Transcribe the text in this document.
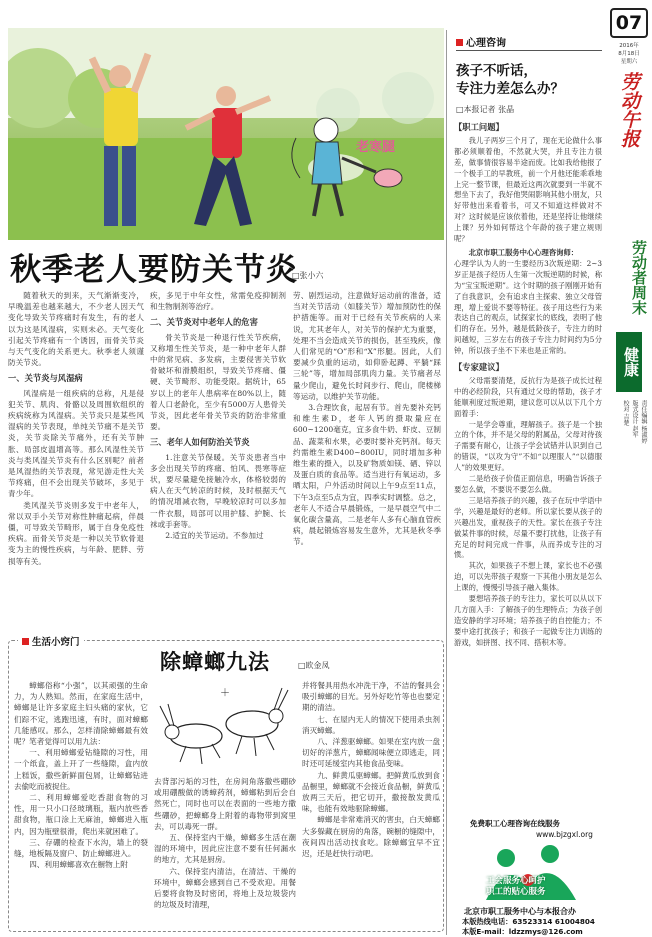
07
2016年
8月18日
星期六
劳动午报
劳动者周末
健康
责任编辑 杨淑婷
版式设计 赵军
校对 吉楚
老寒腿
秋季老人要防关节炎
□张小六

随着秋天的到来，天气渐渐变冷，早晚温差也越来越大，不少老人因天气变化导致关节疼痛时有发生，有的老人以为这是风湿病，实则未必。天气变化引起关节疼痛有一个诱因，而骨关节炎与天气变化的关系更大。秋季老人须谨防关节炎。

一、关节炎与风湿病

风湿病是一组疾病的总称，凡是侵犯关节、肌肉、骨骼以及周围软组织的疾病统称为风湿病。关节炎只是某些风湿病的关节表现，单纯关节痛不是关节炎，关节炎除关节痛外，还有关节肿胀、局部皮温增高等。那么风湿性关节炎与类风湿关节炎有什么区别呢？前者是风湿热的关节表现，常见游走性大关节疼痛，但不会出现关节破坏，多见于青少年。

类风湿关节炎则多发于中老年人，常以双手小关节对称性肿痛起病，伴晨僵，可导致关节畸形，属于自身免疫性疾病。而骨关节炎是一种以关节软骨退变为主的慢性疾病，与年龄、肥胖、劳损等有关。

疾，多见于中年女性，常需免疫抑制剂和生物制剂等治疗。

二、关节炎对中老年人的危害

骨关节炎是一种退行性关节疾病，又称增生性关节炎，是一种中老年人群中的常见病、多发病，主要侵害关节软骨破坏和滑膜组织，导致关节疼痛、僵硬、关节畸形、功能受限。据统计，65岁以上的老年人患病率在80%以上，随着人口老龄化，至少有5000万人患骨关节炎，因此老年骨关节炎的防治非常重要。

三、老年人如何防治关节炎

1.注意关节保暖。关节炎患者当中多会出现关节的疼痛、怕风、畏寒等症状，要尽量避免接触冷水，体格较弱的病人在天气转凉的时候，及时根据天气的情况增减衣物，早晚较凉时可以多加一件衣服，局部可以用护膝、护腕、长袜或手套等。

2.适宜的关节运动。不参加过

劳、剧烈运动，注意做好运动前的准备，适当对关节活动（如膝关节）增加预防性的保护措施等。而对于已经有关节疾病的人来说，尤其老年人，对关节的保护尤为重要，处理不当会造成关节的损伤，甚至残疾，像人们常见的“O”形和“X”形腿。因此，人们要减少负重的运动，如仰卧起蹲、平躺“踩三轮”等，增加局部肌肉力量。关节痛者尽量少爬山，避免长时间步行、爬山，爬楼梯等运动，以维护关节功能。

3.合理饮食，起居有节。首先要补充钙和维生素D，老年人钙的摄取量应在600~1200毫克，宜多食牛奶、虾皮、豆制品、蔬菜和水果，必要时要补充钙剂。每天约需维生素D400~800IU，同时增加多种维生素的摄入，以及矿物质如镁、硒、锌以及蛋白质的食品等。适当进行有氧运动，多晒太阳，户外活动时间以上午9点至11点，下午3点至5点为宜，四季实时调整。总之，老年人不适合早晨锻炼，一是早晨空气中二氧化碳含量高，二是老年人多有心脑血管疾病，晨起锻炼容易发生意外，尤其是秋冬季节。

生活小窍门
除蟑螂九法	□欧金凤

蟑螂俗称“小强”，以其顽强的生命力，为人熟知。然而，在家庭生活中，蟑螂是让许多家庭主妇头痛的家伙，它们踪不定，逃跑迅速，有时，面对蟑螂几能感叹。那么，怎样清除蟑螂最有效呢？笔者觉得可以用九法：

一、利用蟑螂爱钻缝隙的习性，用一个纸盒，盖上开了一些缝隙，盒内放上糕饭，撒些新鲜面包屑，让蟑螂钻进去偷吃而被捉住。

二、利用蟑螂爱吃香甜食物的习性，用一只小口径玻璃瓶，瓶内放些香甜食物，瓶口涂上无麻油，蟑螂进入瓶内，因为瓶壁很滑，爬出来就困难了。

三、存硼的检查下水沟，墙上的裂缝，地板隔及窗户、防止蟑螂进入。

四、利用蟑螂喜欢在橱物上附

＋

去背部污垢的习性，在房间角落撒些硼砂或用硼酸做的诱蟑药剂，蟑螂粘到后会自然死亡，同时也可以在表面的一些地方撒些硼砂，把蟑螂身上附着的毒物带到窝里去，可以毒死一群。

五、保持室内干燥，蟑螂多生活在潮湿的环境中，因此应注意不要有任何漏水的地方，尤其是厨房。

六、保持室内清洁，在清洁、干燥的环境中，蟑螂会感到自己不受欢迎。用餐后要将食物及时密闭，将地上及垃圾袋内的垃圾及时清理，

并将餐具用热水冲洗干净，不洁的餐具会吸引蟑螂的目光。另外好吃竹等也也要定期的清洁。

七、在屋内无人的情况下使用杀虫剂消灭蟑螂。

八、洋葱驱蟑螂。如果在室内放一盘切好的洋葱片，蟑螂闻味便立即逃走，同时还可延缓室内其他食品变味。

九、鲜黄瓜驱蟑螂。把鲜黄瓜放到食品橱里，蟑螂就不会接近食品橱，鲜黄瓜放两三天后，把它切开，撒接散发黄瓜味，也能有效地驱除蟑螂。

蟑螂是非常难消灭的害虫，白天蟑螂大多躲藏在厨房的角落，碗橱的缝隙中，夜间四出活动找食吃。除蟑螂宜早不宜迟，还是赶快行动吧。

心理咨询
孩子不听话，
专注力差怎么办？
□本报记者 张晶
【职工问题】

我儿子两岁三个月了，现在无论做什么事都必须顺着他，不然就大哭，并且专注力很差，做事情很容易半途而废。比如我给他报了一个极手工的早教班，前一个月他还能乖乖地上完一整节课，但最近这两次就要到一半就不想坐下去了，我好他哭闹影响其他小朋友，只好带他出来看着书，可又不知道这样做对不对？这时候是应该依着他，还是坚持让他继续上课？另外如何帮这个年龄的孩子建立规则呢？

北京市职工服务中心心理咨询师：

心理学认为人的一生要经历3次叛逆期：2~3岁正是孩子经历人生第一次叛逆期的时候，称为“宝宝叛逆期”。这个时期的孩子刚刚开始有了自我意识，会有追求自主探索、独立父母管理，增上爱说不要等特征。孩子用这些行为来表达自己的观点，试探家长的底线，表明了他们的存在。另外，越是低龄孩子，专注力的时间越短，三岁左右的孩子专注力时间约为5分钟，所以孩子坐不下来也是正常的。

【专家建议】

父母需要清楚，反抗行为是孩子成长过程中的必经阶段，只有通过父母的帮助，孩子才能顺利度过叛逆期，建议您可以从以下几个方面着手：

一是学会尊重，理解孩子。孩子是一个独立的个体，并不是父母的附属品，父母对待孩子需要有耐心，让孩子学会试错并认识到自己的错误，“以攻为守”不如“以理服人”“以德服人”的效果更好。

二是给孩子价值正面信息，明确告诉孩子要怎么做，不要说不要怎么做。

三是培养孩子的兴趣，孩子在玩中学语中学，兴趣是最好的老师。所以家长要从孩子的兴趣出发，重视孩子的天性。家长在孩子专注做某件事的时候，尽量不要打扰他，让孩子有充足的时间完成一件事，从而养成专注的习惯。

其次，如果孩子不想上课，家长也不必强迫，可以先带孩子观察一下其他小朋友是怎么上课的，慢慢引导孩子融入集体。

要想培养孩子的专注力，家长可以从以下几方面入手：了解孩子的生理特点；为孩子创造安静的学习环境；培养孩子的自控能力；不要中途打扰孩子；和孩子一起做专注力训练的游戏，如拼图、找不同、搭积木等。

免费职工心理咨询在线服务
www.bjzgxl.org
工会服务心呵护
职工的贴心服务
北京市职工服务中心与本报合办
本版热线电话：63523314 61004804
本版E-mail：ldzzmys@126.com
